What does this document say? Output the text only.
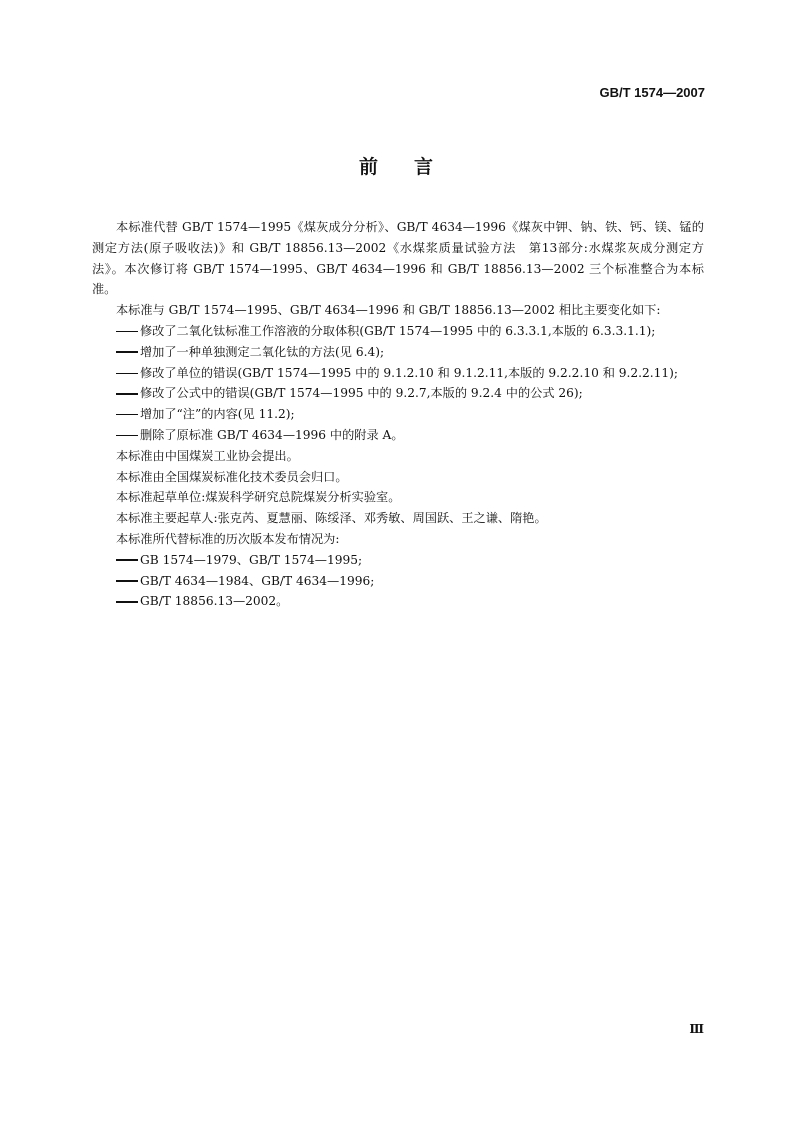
GB/T 1574—2007
前 言

本标准代替 GB/T 1574—1995《煤灰成分分析》、GB/T 4634—1996《煤灰中钾、钠、铁、钙、镁、锰的测定方法(原子吸收法)》和 GB/T 18856.13—2002《水煤浆质量试验方法　第13部分:水煤浆灰成分测定方法》。本次修订将 GB/T 1574—1995、GB/T 4634—1996 和 GB/T 18856.13—2002 三个标准整合为本标准。

本标准与 GB/T 1574—1995、GB/T 4634—1996 和 GB/T 18856.13—2002 相比主要变化如下:

修改了二氧化钛标准工作溶液的分取体积(GB/T 1574—1995 中的 6.3.3.1,本版的 6.3.3.1.1);
增加了一种单独测定二氧化钛的方法(见 6.4);
修改了单位的错误(GB/T 1574—1995 中的 9.1.2.10 和 9.1.2.11,本版的 9.2.2.10 和 9.2.2.11);
修改了公式中的错误(GB/T 1574—1995 中的 9.2.7,本版的 9.2.4 中的公式 26);
增加了“注”的内容(见 11.2);
删除了原标准 GB/T 4634—1996 中的附录 A。

本标准由中国煤炭工业协会提出。

本标准由全国煤炭标准化技术委员会归口。

本标准起草单位:煤炭科学研究总院煤炭分析实验室。

本标准主要起草人:张克芮、夏慧丽、陈绥泽、邓秀敏、周国跃、王之谦、隋艳。

本标准所代替标准的历次版本发布情况为:

GB 1574—1979、GB/T 1574—1995;
GB/T 4634—1984、GB/T 4634—1996;
GB/T 18856.13—2002。
Ⅲ
